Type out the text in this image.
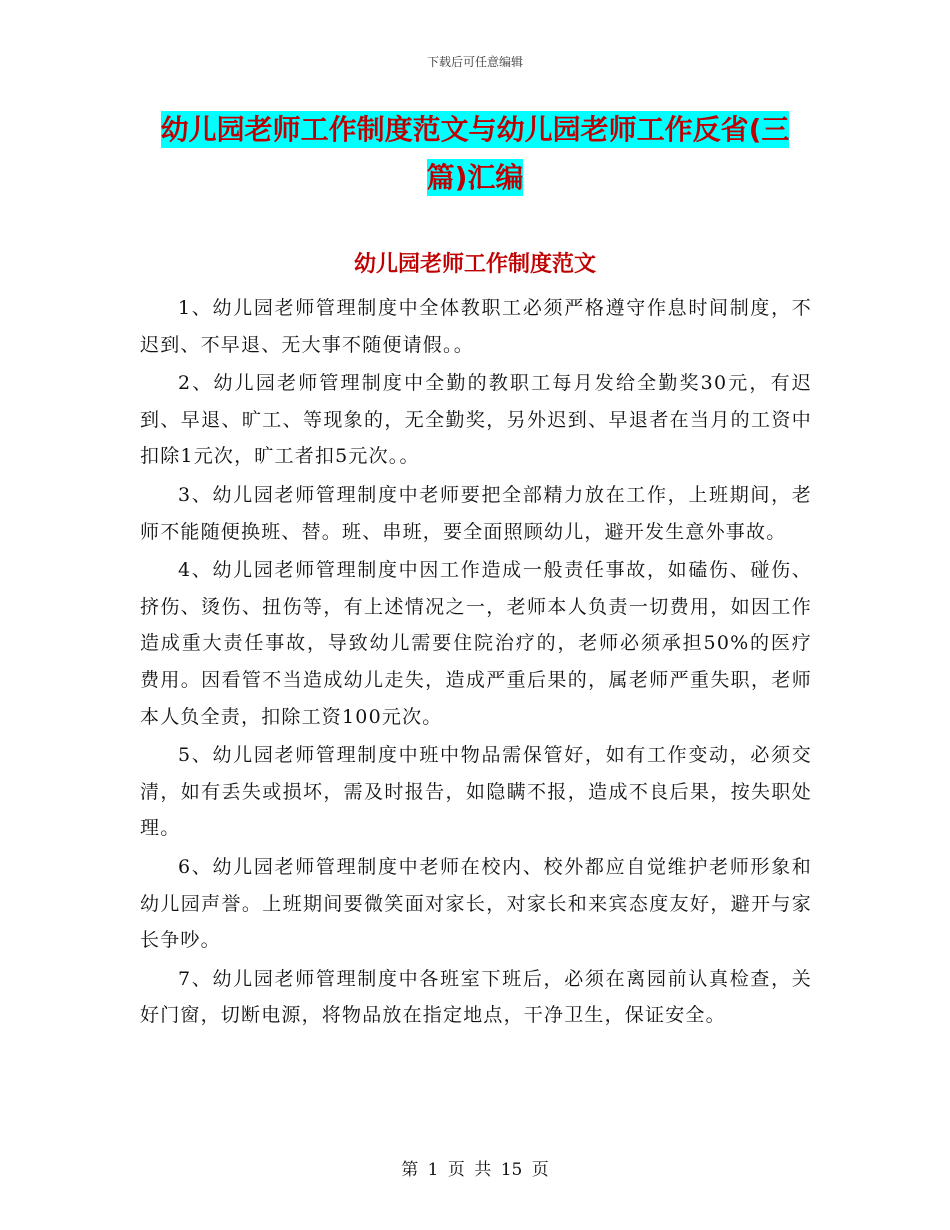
下载后可任意编辑
幼儿园老师工作制度范文与幼儿园老师工作反省(三
篇)汇编
幼儿园老师工作制度范文

1、幼儿园老师管理制度中全体教职工必须严格遵守作息时间制度，不迟到、不早退、无大事不随便请假。。

2、幼儿园老师管理制度中全勤的教职工每月发给全勤奖30元，有迟到、早退、旷工、等现象的，无全勤奖，另外迟到、早退者在当月的工资中扣除1元次，旷工者扣5元次。。

3、幼儿园老师管理制度中老师要把全部精力放在工作，上班期间，老师不能随便换班、替。班、串班，要全面照顾幼儿，避开发生意外事故。

4、幼儿园老师管理制度中因工作造成一般责任事故，如磕伤、碰伤、挤伤、烫伤、扭伤等，有上述情况之一，老师本人负责一切费用，如因工作造成重大责任事故，导致幼儿需要住院治疗的，老师必须承担50%的医疗费用。因看管不当造成幼儿走失，造成严重后果的，属老师严重失职，老师本人负全责，扣除工资100元次。

5、幼儿园老师管理制度中班中物品需保管好，如有工作变动，必须交清，如有丢失或损坏，需及时报告，如隐瞒不报，造成不良后果，按失职处理。

6、幼儿园老师管理制度中老师在校内、校外都应自觉维护老师形象和幼儿园声誉。上班期间要微笑面对家长，对家长和来宾态度友好，避开与家长争吵。

7、幼儿园老师管理制度中各班室下班后，必须在离园前认真检查，关好门窗，切断电源，将物品放在指定地点，干净卫生，保证安全。

第 1 页 共 15 页
